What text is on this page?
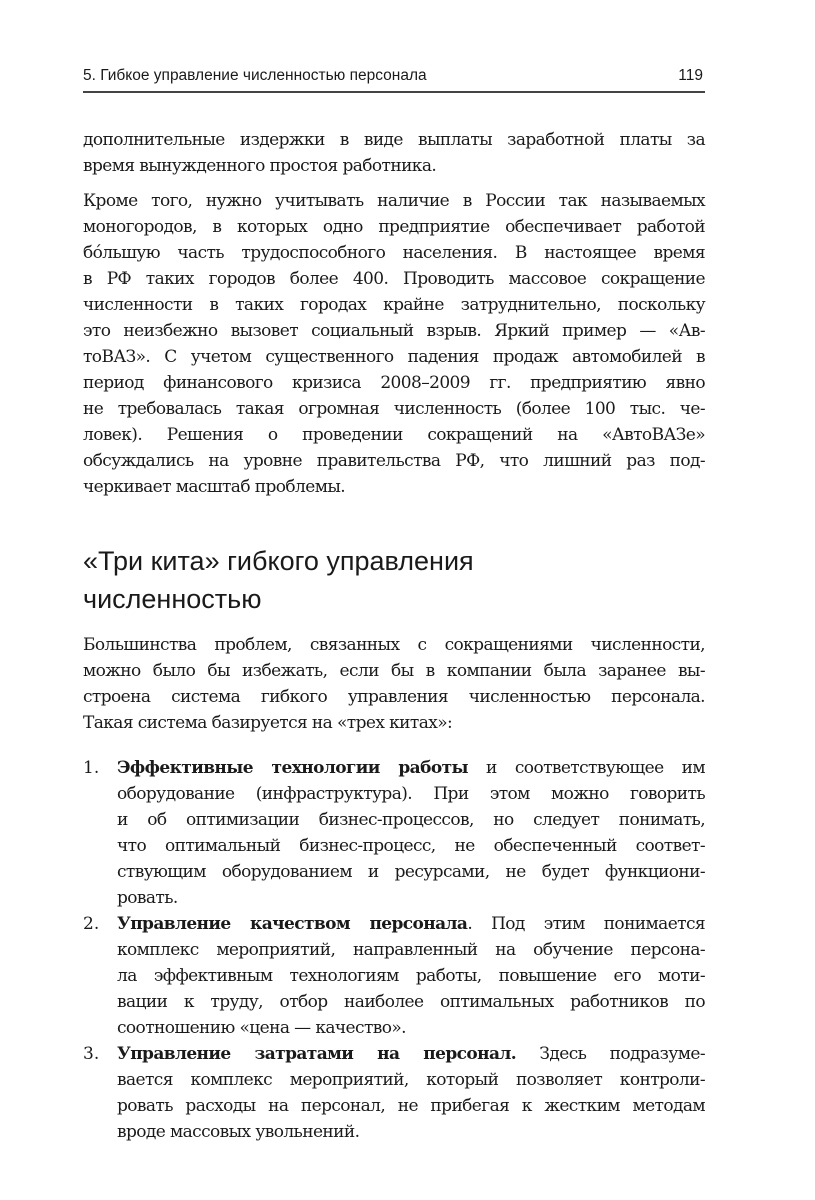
5. Гибкое управление численностью персонала	119
дополнительные издержки в виде выплаты заработной платы за
время вынужденного простоя работника.
Кроме того, нужно учитывать наличие в России так называемых
моногородов, в которых одно предприятие обеспечивает работой
бóльшую часть трудоспособного населения. В настоящее время
в РФ таких городов более 400. Проводить массовое сокращение
численности в таких городах крайне затруднительно, поскольку
это неизбежно вызовет социальный взрыв. Яркий пример — «Ав-
тоВАЗ». С учетом существенного падения продаж автомобилей в
период финансового кризиса 2008–2009 гг. предприятию явно
не требовалась такая огромная численность (более 100 тыс. че-
ловек). Решения о проведении сокращений на «АвтоВАЗе»
обсуждались на уровне правительства РФ, что лишний раз под-
черкивает масштаб проблемы.
«Три кита» гибкого управления
численностью
Большинства проблем, связанных с сокращениями численности,
можно было бы избежать, если бы в компании была заранее вы-
строена система гибкого управления численностью персонала.
Такая система базируется на «трех китах»:
1. Эффективные технологии работы и соответствующее им
оборудование (инфраструктура). При этом можно говорить
и об оптимизации бизнес-процессов, но следует понимать,
что оптимальный бизнес-процесс, не обеспеченный соответ-
ствующим оборудованием и ресурсами, не будет функциони-
ровать.
2. Управление качеством персонала. Под этим понимается
комплекс мероприятий, направленный на обучение персона-
ла эффективным технологиям работы, повышение его моти-
вации к труду, отбор наиболее оптимальных работников по
соотношению «цена — качество».
3. Управление затратами на персонал. Здесь подразуме-
вается комплекс мероприятий, который позволяет контроли-
ровать расходы на персонал, не прибегая к жестким методам
вроде массовых увольнений.
